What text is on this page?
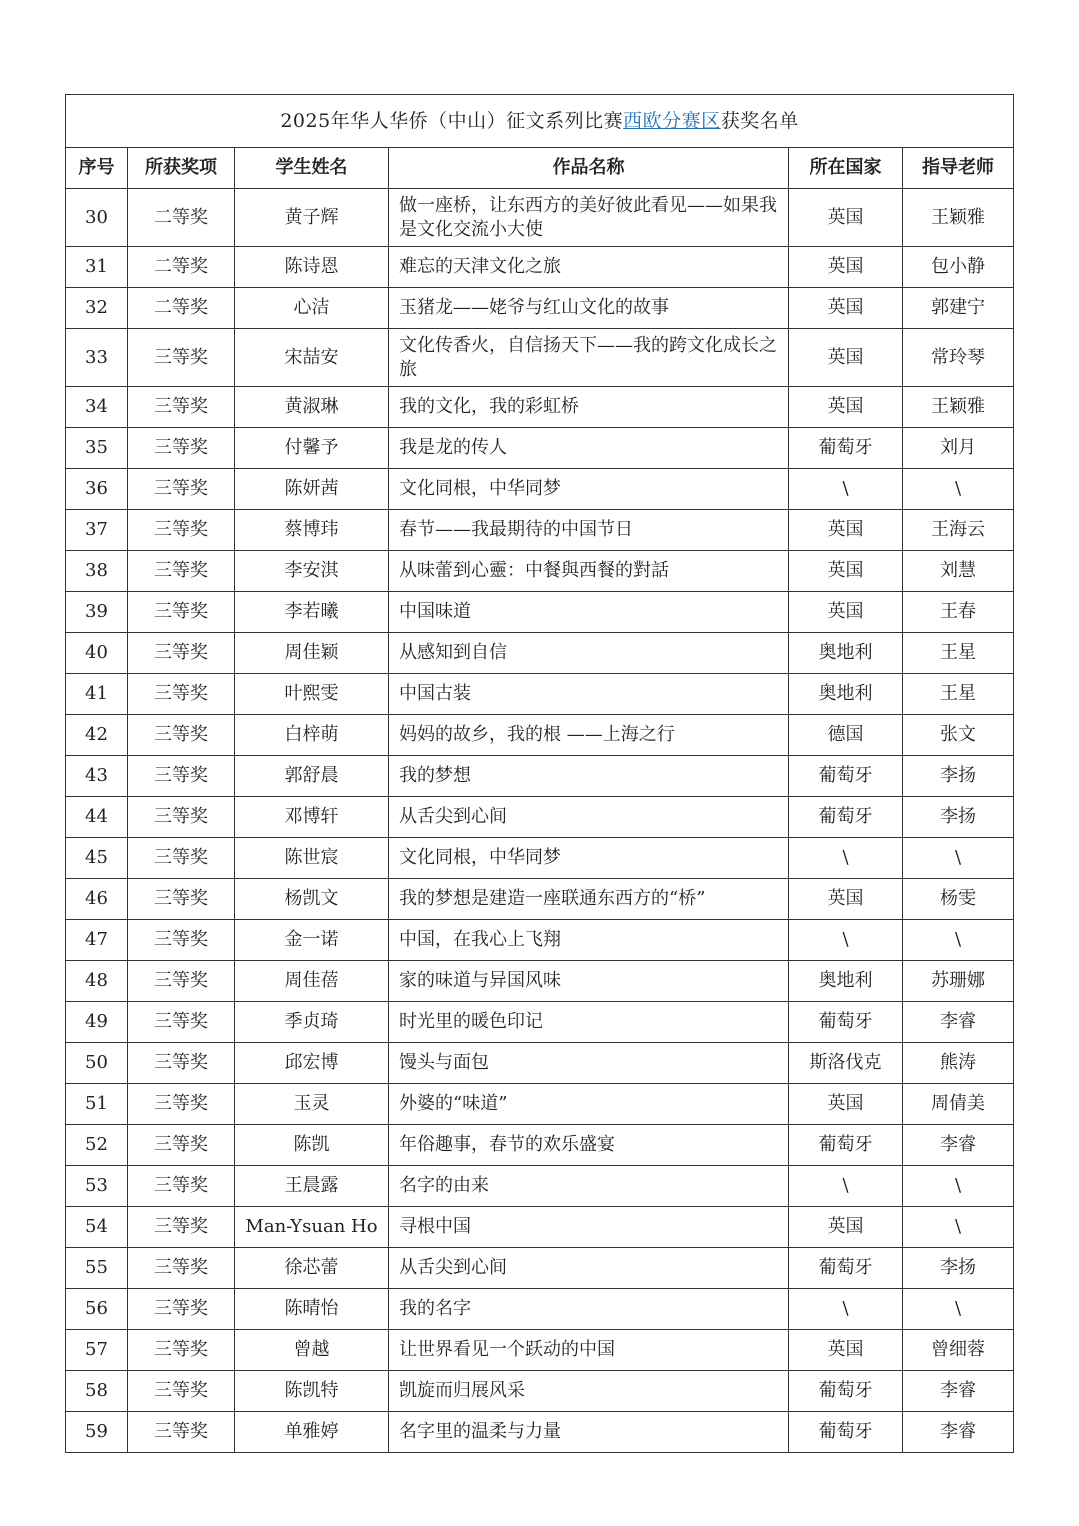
2025年华人华侨（中山）征文系列比赛西欧分赛区获奖名单					
序号	所获奖项	学生姓名	作品名称	所在国家	指导老师
30	二等奖	黄子辉	做一座桥，让东西方的美好彼此看见——如果我是文化交流小大使	英国	王颖雅
31	二等奖	陈诗恩	难忘的天津文化之旅	英国	包小静
32	二等奖	心洁	玉猪龙——姥爷与红山文化的故事	英国	郭建宁
33	三等奖	宋喆安	文化传香火，自信扬天下——我的跨文化成长之旅	英国	常玲琴
34	三等奖	黄淑琳	我的文化，我的彩虹桥	英国	王颖雅
35	三等奖	付馨予	我是龙的传人	葡萄牙	刘月
36	三等奖	陈妍茜	文化同根，中华同梦	\	\
37	三等奖	蔡博玮	春节——我最期待的中国节日	英国	王海云
38	三等奖	李安淇	从味蕾到心靈：中餐與西餐的對話	英国	刘慧
39	三等奖	李若曦	中国味道	英国	王春
40	三等奖	周佳颖	从感知到自信	奥地利	王星
41	三等奖	叶熙雯	中国古装	奥地利	王星
42	三等奖	白梓萌	妈妈的故乡，我的根 ——上海之行	德国	张文
43	三等奖	郭舒晨	我的梦想	葡萄牙	李扬
44	三等奖	邓博轩	从舌尖到心间	葡萄牙	李扬
45	三等奖	陈世宸	文化同根，中华同梦	\	\
46	三等奖	杨凯文	我的梦想是建造一座联通东西方的“桥”	英国	杨雯
47	三等奖	金一诺	中国，在我心上飞翔	\	\
48	三等奖	周佳蓓	家的味道与异国风味	奥地利	苏珊娜
49	三等奖	季贞琦	时光里的暖色印记	葡萄牙	李睿
50	三等奖	邱宏博	馒头与面包	斯洛伐克	熊涛
51	三等奖	玉灵	外婆的“味道”	英国	周倩美
52	三等奖	陈凯	年俗趣事，春节的欢乐盛宴	葡萄牙	李睿
53	三等奖	王晨露	名字的由来	\	\
54	三等奖	Man-Ysuan Ho	寻根中国	英国	\
55	三等奖	徐芯蕾	从舌尖到心间	葡萄牙	李扬
56	三等奖	陈晴怡	我的名字	\	\
57	三等奖	曾越	让世界看见一个跃动的中国	英国	曾细蓉
58	三等奖	陈凯特	凯旋而归展风采	葡萄牙	李睿
59	三等奖	单雅婷	名字里的温柔与力量	葡萄牙	李睿
